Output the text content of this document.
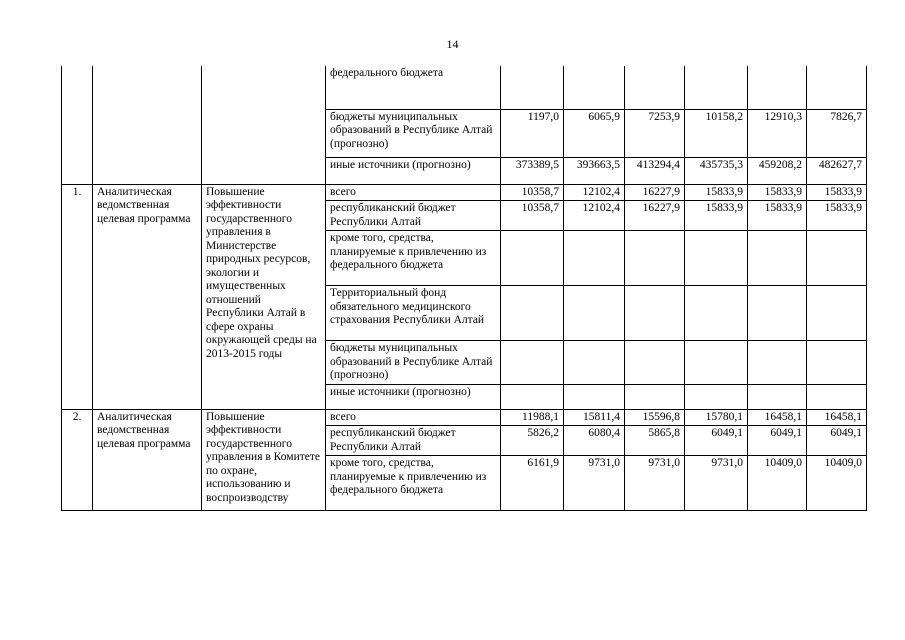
14
			федерального бюджета						
			бюджеты муниципальных образований в Республике Алтай (прогнозно)	1197,0	6065,9	7253,9	10158,2	12910,3	7826,7
			иные источники (прогнозно)	373389,5	393663,5	413294,4	435735,3	459208,2	482627,7
1.	Аналитическая ведомственная целевая программа	Повышение эффективности государственного управления в Министерстве природных ресурсов, экологии и имущественных отношений Республики Алтай в сфере охраны окружающей среды на 2013-2015 годы	всего	10358,7	12102,4	16227,9	15833,9	15833,9	15833,9
			республиканский бюджет Республики Алтай	10358,7	12102,4	16227,9	15833,9	15833,9	15833,9
			кроме того, средства, планируемые к привлечению из федерального бюджета						
			Территориальный фонд обязательного медицинского страхования Республики Алтай						
			бюджеты муниципальных образований в Республике Алтай (прогнозно)						
			иные источники (прогнозно)						
2.	Аналитическая ведомственная целевая программа	Повышение эффективности государственного управления в Комитете по охране, использованию и воспроизводству	всего	11988,1	15811,4	15596,8	15780,1	16458,1	16458,1
			республиканский бюджет Республики Алтай	5826,2	6080,4	5865,8	6049,1	6049,1	6049,1
			кроме того, средства, планируемые к привлечению из федерального бюджета	6161,9	9731,0	9731,0	9731,0	10409,0	10409,0
